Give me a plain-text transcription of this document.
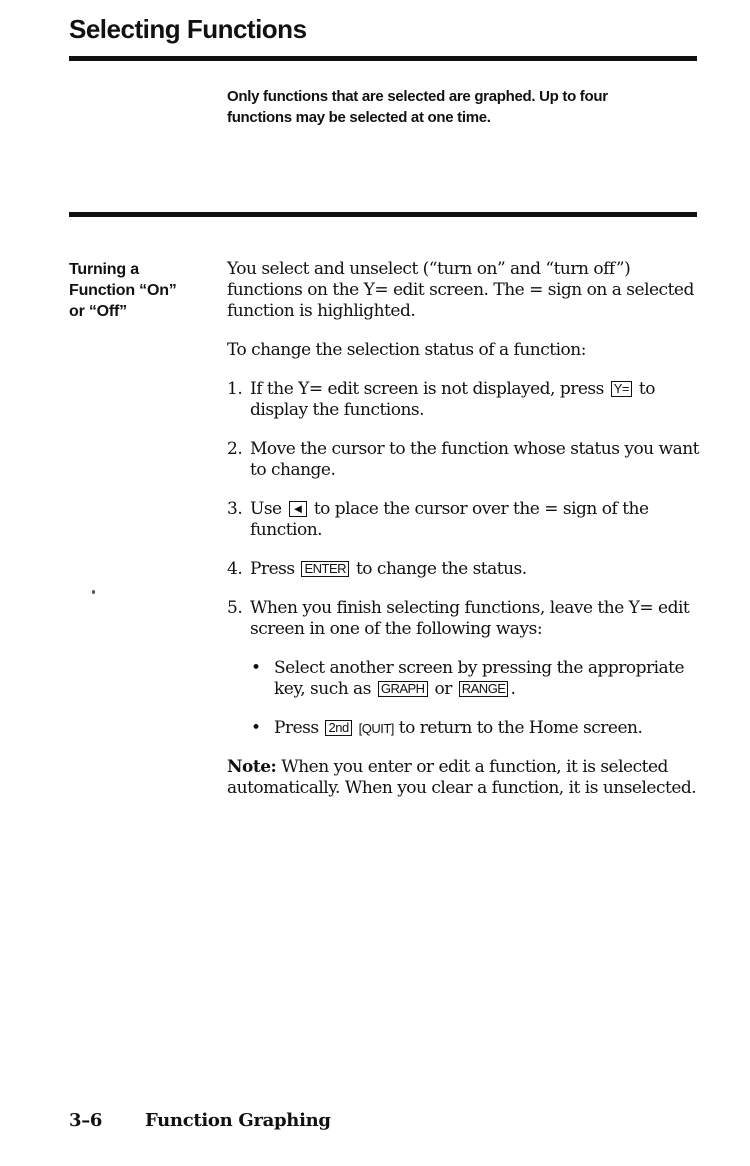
Selecting Functions
Only functions that are selected are graphed. Up to four
functions may be selected at one time.
Turning a
Function “On”
or “Off”

You select and unselect (“turn on” and “turn off”) functions on the Y= edit screen. The = sign on a selected function is highlighted.

To change the selection status of a function:

1. If the Y= edit screen is not displayed, press Y= to display the functions.
2. Move the cursor to the function whose status you want to change.
3. Use ◄ to place the cursor over the = sign of the function.
4. Press ENTER to change the status.
5. When you finish selecting functions, leave the Y= edit screen in one of the following ways:
• Select another screen by pressing the appropriate key, such as GRAPH or RANGE .
• Press 2nd [QUIT] to return to the Home screen.

Note: When you enter or edit a function, it is selected automatically. When you clear a function, it is unselected.

3–6 Function Graphing
